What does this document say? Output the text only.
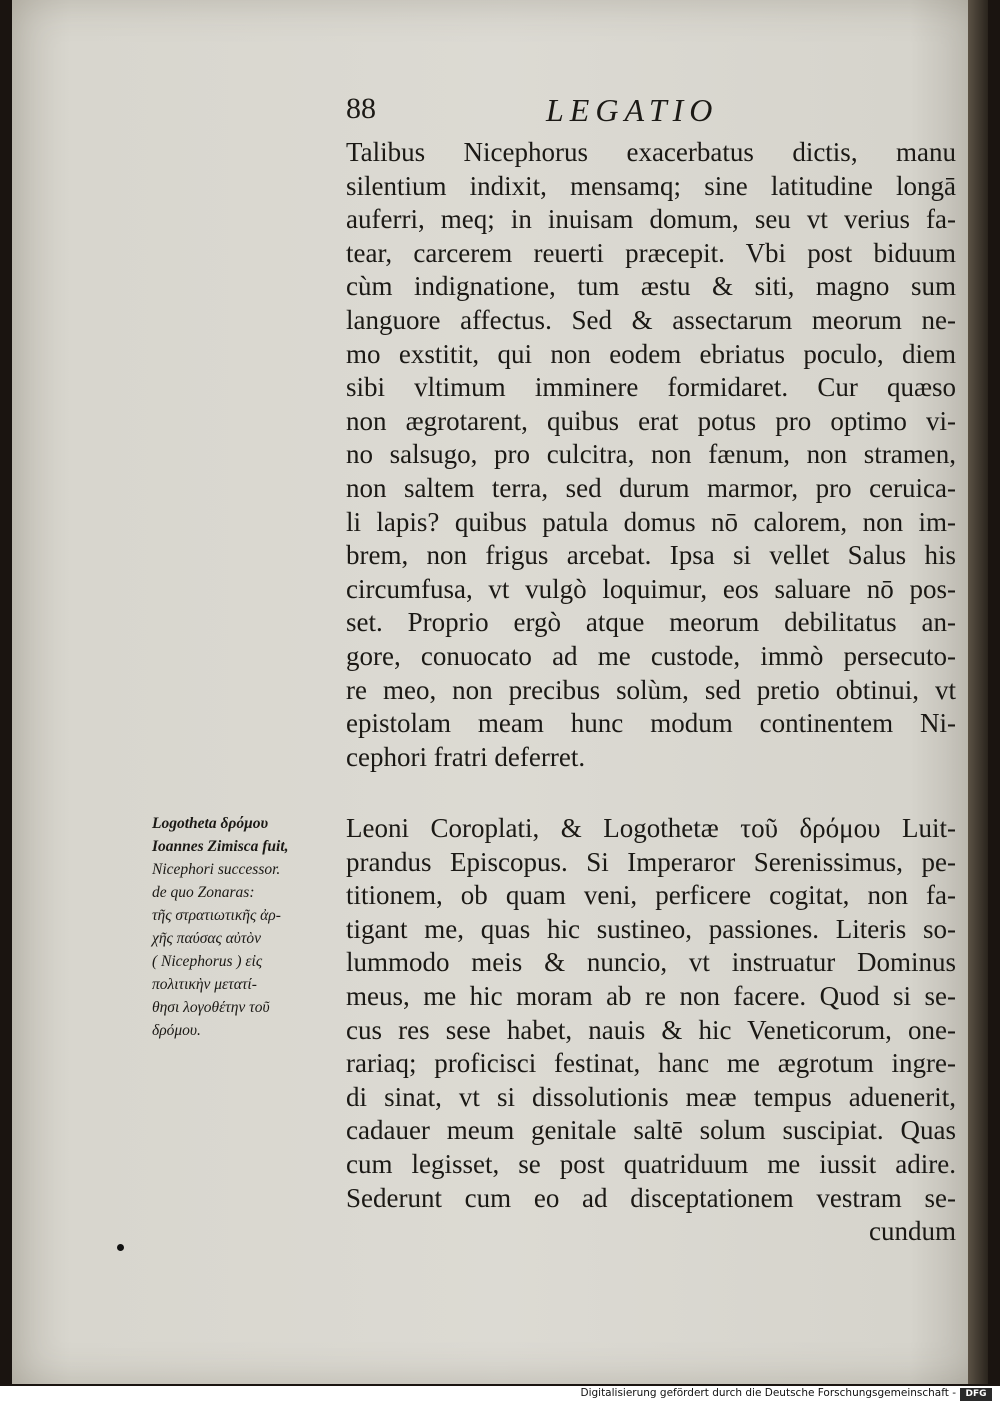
88	LEGATIO
Talibus Nicephorus exacerbatus dictis, manu
silentium indixit, mensamq; sine latitudine longā
auferri, meq; in inuisam domum, seu vt verius fa-
tear, carcerem reuerti præcepit. Vbi post biduum
cùm indignatione, tum æstu & siti, magno sum
languore affectus. Sed & assectarum meorum ne-
mo exstitit, qui non eodem ebriatus poculo, diem
sibi vltimum imminere formidaret. Cur quæso
non ægrotarent, quibus erat potus pro optimo vi-
no salsugo, pro culcitra, non fænum, non stramen,
non saltem terra, sed durum marmor, pro ceruica-
li lapis? quibus patula domus nō calorem, non im-
brem, non frigus arcebat. Ipsa si vellet Salus his
circumfusa, vt vulgò loquimur, eos saluare nō pos-
set. Proprio ergò atque meorum debilitatus an-
gore, conuocato ad me custode, immò persecuto-
re meo, non precibus solùm, sed pretio obtinui, vt
epistolam meam hunc modum continentem Ni-
cephori fratri deferret.
Logotheta δρόμου
Ioannes Zimisca fuit,
Nicephori successor.
de quo Zonaras:
τῆς στρατιωτικῆς ἀρ-
χῆς παύσας αὐτὸν
( Nicephorus ) εἰς
πολιτικὴν μετατί-
θησι λογοθέτην τοῦ
δρόμου.
Leoni Coroplati, & Logothetæ τοῦ δρόμου Luit-
prandus Episcopus. Si Imperaror Serenissimus, pe-
titionem, ob quam veni, perficere cogitat, non fa-
tigant me, quas hic sustineo, passiones. Literis so-
lummodo meis & nuncio, vt instruatur Dominus
meus, me hic moram ab re non facere. Quod si se-
cus res sese habet, nauis & hic Veneticorum, one-
rariaq; proficisci festinat, hanc me ægrotum ingre-
di sinat, vt si dissolutionis meæ tempus aduenerit,
cadauer meum genitale saltē solum suscipiat. Quas
cum legisset, se post quatriduum me iussit adire.
Sederunt cum eo ad disceptationem vestram se-
cundum
Digitalisierung gefördert durch die Deutsche Forschungsgemeinschaft -	DFG
